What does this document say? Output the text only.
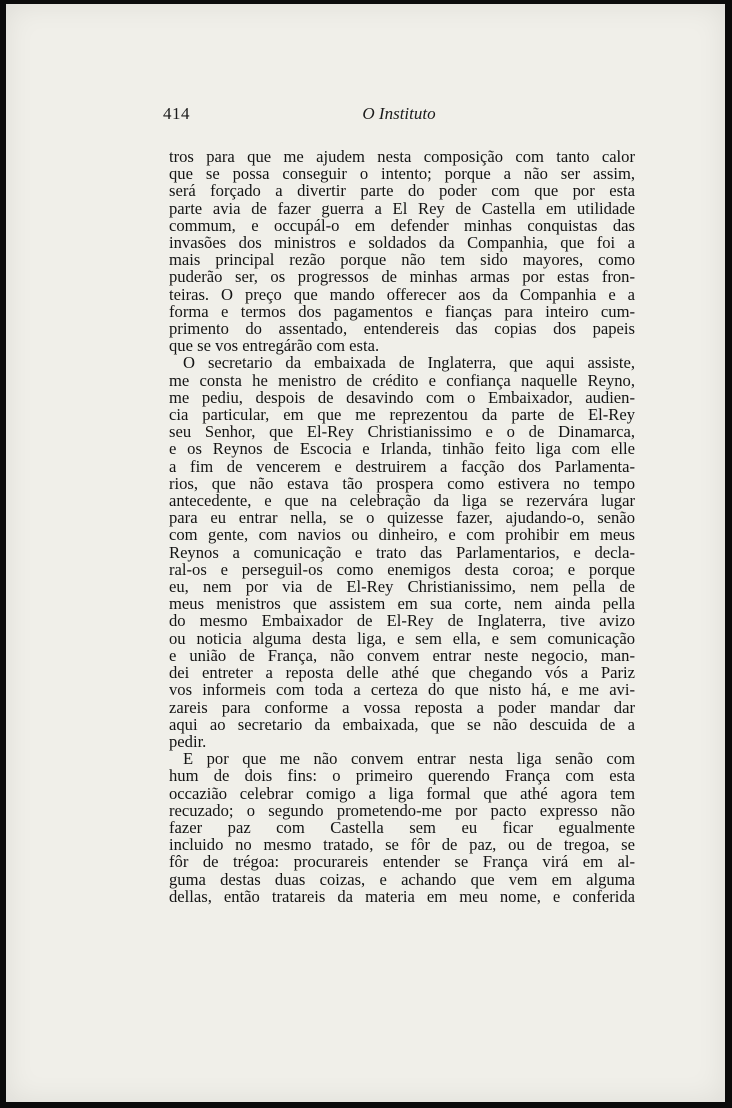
414	O Instituto
tros para que me ajudem nesta composição com tanto calor
que se possa conseguir o intento; porque a não ser assim,
será forçado a divertir parte do poder com que por esta
parte avia de fazer guerra a El Rey de Castella em utilidade
commum, e occupál-o em defender minhas conquistas das
invasões dos ministros e soldados da Companhia, que foi a
mais principal rezão porque não tem sido mayores, como
puderão ser, os progressos de minhas armas por estas fron-
teiras. O preço que mando offerecer aos da Companhia e a
forma e termos dos pagamentos e fianças para inteiro cum-
primento do assentado, entendereis das copias dos papeis
que se vos entregárão com esta.
O secretario da embaixada de Inglaterra, que aqui assiste,
me consta he menistro de crédito e confiança naquelle Reyno,
me pediu, despois de desavindo com o Embaixador, audien-
cia particular, em que me reprezentou da parte de El-Rey
seu Senhor, que El-Rey Christianissimo e o de Dinamarca,
e os Reynos de Escocia e Irlanda, tinhão feito liga com elle
a fim de vencerem e destruirem a facção dos Parlamenta-
rios, que não estava tão prospera como estivera no tempo
antecedente, e que na celebração da liga se rezervára lugar
para eu entrar nella, se o quizesse fazer, ajudando-o, senão
com gente, com navios ou dinheiro, e com prohibir em meus
Reynos a comunicação e trato das Parlamentarios, e decla-
ral-os e perseguil-os como enemigos desta coroa; e porque
eu, nem por via de El-Rey Christianissimo, nem pella de
meus menistros que assistem em sua corte, nem ainda pella
do mesmo Embaixador de El-Rey de Inglaterra, tive avizo
ou noticia alguma desta liga, e sem ella, e sem comunicação
e união de França, não convem entrar neste negocio, man-
dei entreter a reposta delle athé que chegando vós a Pariz
vos informeis com toda a certeza do que nisto há, e me avi-
zareis para conforme a vossa reposta a poder mandar dar
aqui ao secretario da embaixada, que se não descuida de a
pedir.
E por que me não convem entrar nesta liga senão com
hum de dois fins: o primeiro querendo França com esta
occazião celebrar comigo a liga formal que athé agora tem
recuzado; o segundo prometendo-me por pacto expresso não
fazer paz com Castella sem eu ficar egualmente
incluido no mesmo tratado, se fôr de paz, ou de tregoa, se
fôr de trégoa: procurareis entender se França virá em al-
guma destas duas coizas, e achando que vem em alguma
dellas, então tratareis da materia em meu nome, e conferida
